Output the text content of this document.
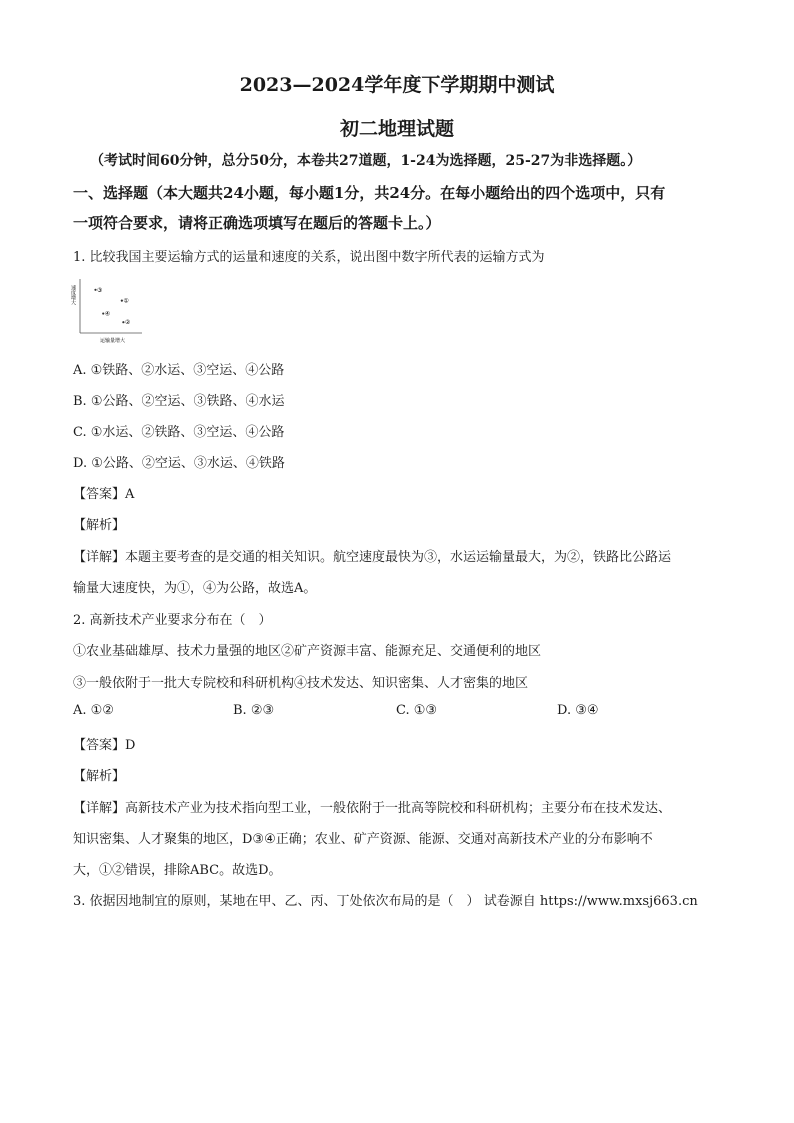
2023—2024学年度下学期期中测试
初二地理试题
（考试时间60分钟，总分50分，本卷共27道题，1-24为选择题，25-27为非选择题。）
一、选择题（本大题共24小题，每小题1分，共24分。在每小题给出的四个选项中，只有
一项符合要求，请将正确选项填写在题后的答题卡上。）
1. 比较我国主要运输方式的运量和速度的关系，说出图中数字所代表的运输方式为
速度增大
运输量增大
③
①
④
②
A. ①铁路、②水运、③空运、④公路
B. ①公路、②空运、③铁路、④水运
C. ①水运、②铁路、③空运、④公路
D. ①公路、②空运、③水运、④铁路
【答案】A
【解析】
【详解】本题主要考查的是交通的相关知识。航空速度最快为③，水运运输量最大，为②，铁路比公路运
输量大速度快，为①，④为公路，故选A。
2. 高新技术产业要求分布在（　）
①农业基础雄厚、技术力量强的地区②矿产资源丰富、能源充足、交通便利的地区
③一般依附于一批大专院校和科研机构④技术发达、知识密集、人才密集的地区
A. ①②	B. ②③	C. ①③	D. ③④
【答案】D
【解析】
【详解】高新技术产业为技术指向型工业，一般依附于一批高等院校和科研机构；主要分布在技术发达、
知识密集、人才聚集的地区，D③④正确；农业、矿产资源、能源、交通对高新技术产业的分布影响不
大，①②错误，排除ABC。故选D。
3. 依据因地制宜的原则，某地在甲、乙、丙、丁处依次布局的是（　） 试卷源自 https://www.mxsj663.cn
